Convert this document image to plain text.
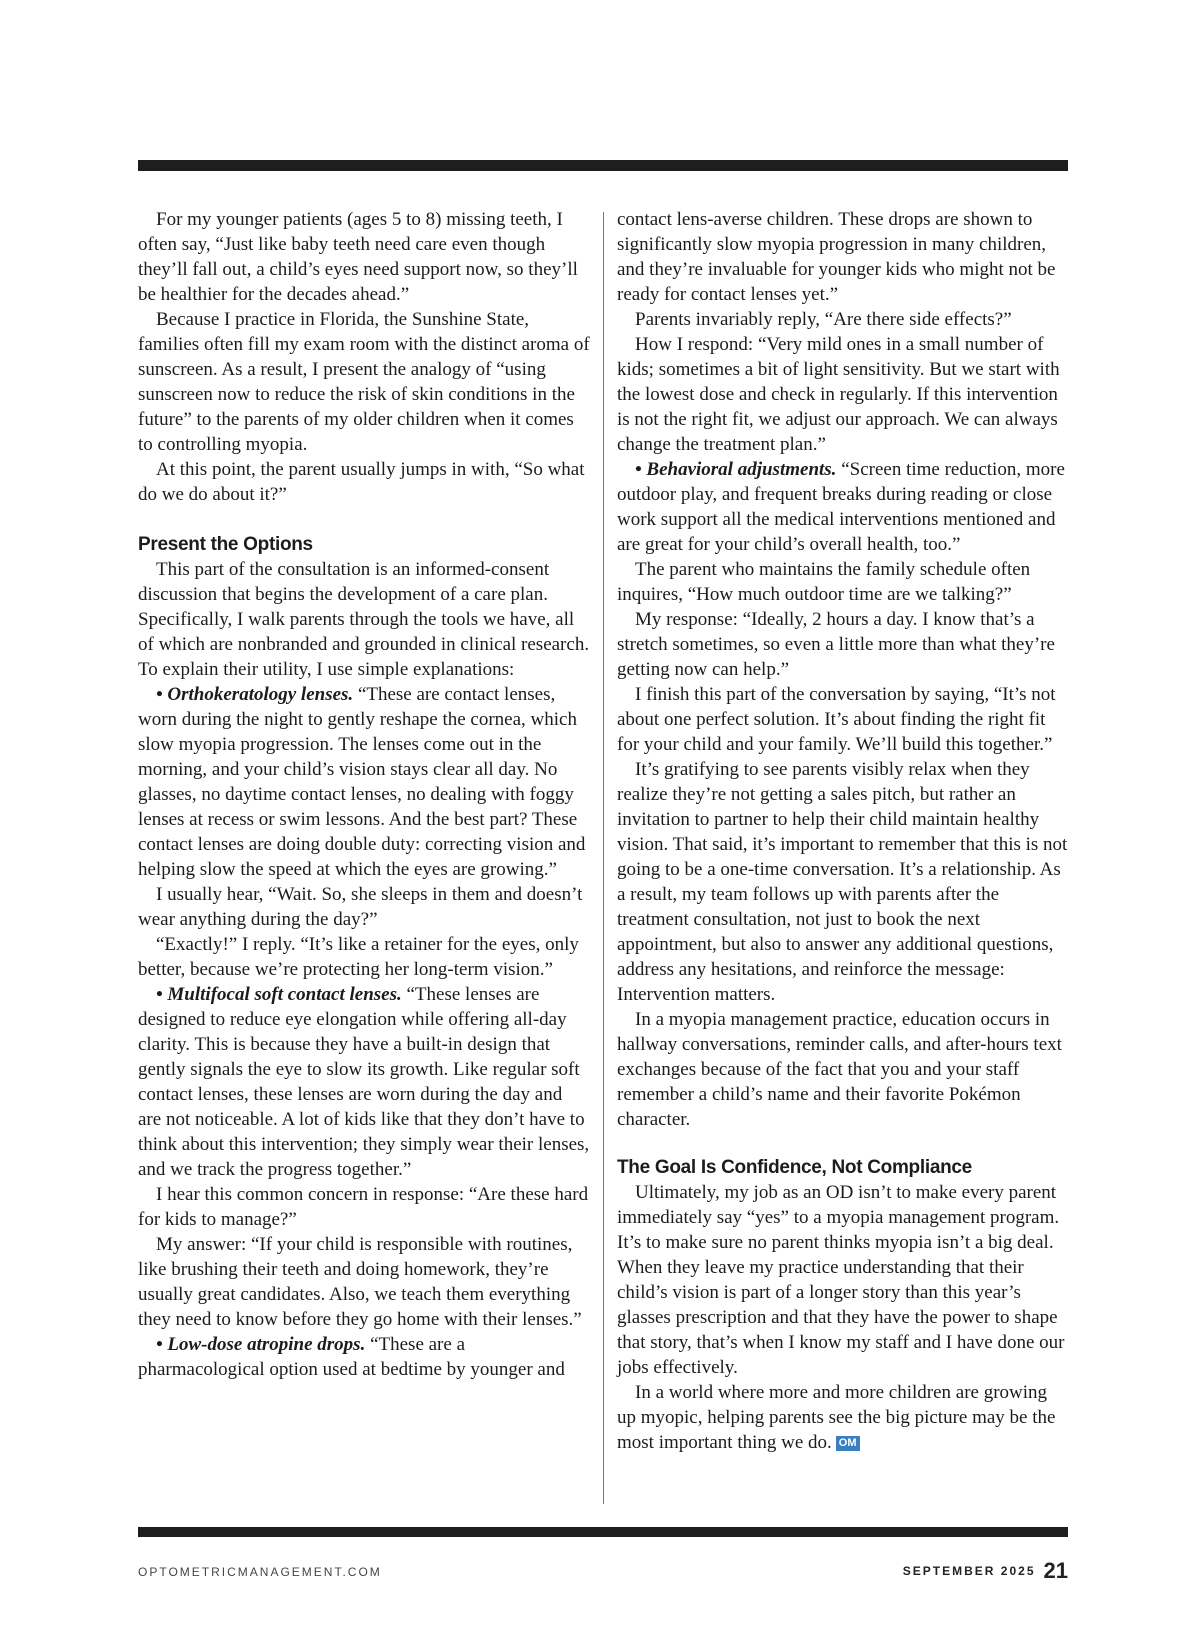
For my younger patients (ages 5 to 8) missing teeth, I often say, “Just like baby teeth need care even though they’ll fall out, a child’s eyes need support now, so they’ll be healthier for the decades ahead.”

Because I practice in Florida, the Sunshine State, families often fill my exam room with the distinct aroma of sunscreen. As a result, I present the analogy of “using sunscreen now to reduce the risk of skin conditions in the future” to the parents of my older children when it comes to controlling myopia.

At this point, the parent usually jumps in with, “So what do we do about it?”

Present the Options

This part of the consultation is an informed-consent discussion that begins the development of a care plan. Specifically, I walk parents through the tools we have, all of which are nonbranded and grounded in clinical research. To explain their utility, I use simple explanations:

• Orthokeratology lenses. “These are contact lenses, worn during the night to gently reshape the cornea, which slow myopia progression. The lenses come out in the morning, and your child’s vision stays clear all day. No glasses, no daytime contact lenses, no dealing with foggy lenses at recess or swim lessons. And the best part? These contact lenses are doing double duty: correcting vision and helping slow the speed at which the eyes are growing.”

I usually hear, “Wait. So, she sleeps in them and doesn’t wear anything during the day?”

“Exactly!” I reply. “It’s like a retainer for the eyes, only better, because we’re protecting her long-term vision.”

• Multifocal soft contact lenses. “These lenses are designed to reduce eye elongation while offering all-day clarity. This is because they have a built-in design that gently signals the eye to slow its growth. Like regular soft contact lenses, these lenses are worn during the day and are not noticeable. A lot of kids like that they don’t have to think about this intervention; they simply wear their lenses, and we track the progress together.”

I hear this common concern in response: “Are these hard for kids to manage?”

My answer: “If your child is responsible with routines, like brushing their teeth and doing homework, they’re usually great candidates. Also, we teach them everything they need to know before they go home with their lenses.”

• Low-dose atropine drops. “These are a pharmacological option used at bedtime by younger and

contact lens-averse children. These drops are shown to significantly slow myopia progression in many children, and they’re invaluable for younger kids who might not be ready for contact lenses yet.”

Parents invariably reply, “Are there side effects?”

How I respond: “Very mild ones in a small number of kids; sometimes a bit of light sensitivity. But we start with the lowest dose and check in regularly. If this intervention is not the right fit, we adjust our approach. We can always change the treatment plan.”

• Behavioral adjustments. “Screen time reduction, more outdoor play, and frequent breaks during reading or close work support all the medical interventions mentioned and are great for your child’s overall health, too.”

The parent who maintains the family schedule often inquires, “How much outdoor time are we talking?”

My response: “Ideally, 2 hours a day. I know that’s a stretch sometimes, so even a little more than what they’re getting now can help.”

I finish this part of the conversation by saying, “It’s not about one perfect solution. It’s about finding the right fit for your child and your family. We’ll build this together.”

It’s gratifying to see parents visibly relax when they realize they’re not getting a sales pitch, but rather an invitation to partner to help their child maintain healthy vision. That said, it’s important to remember that this is not going to be a one-time conversation. It’s a relationship. As a result, my team follows up with parents after the treatment consultation, not just to book the next appointment, but also to answer any additional questions, address any hesitations, and reinforce the message: Intervention matters.

In a myopia management practice, education occurs in hallway conversations, reminder calls, and after-hours text exchanges because of the fact that you and your staff remember a child’s name and their favorite Pokémon character.

The Goal Is Confidence, Not Compliance

Ultimately, my job as an OD isn’t to make every parent immediately say “yes” to a myopia management program. It’s to make sure no parent thinks myopia isn’t a big deal. When they leave my practice understanding that their child’s vision is part of a longer story than this year’s glasses prescription and that they have the power to shape that story, that’s when I know my staff and I have done our jobs effectively.

In a world where more and more children are growing up myopic, helping parents see the big picture may be the most important thing we do. OM

OPTOMETRICMANAGEMENT.COM	SEPTEMBER 2025 21
